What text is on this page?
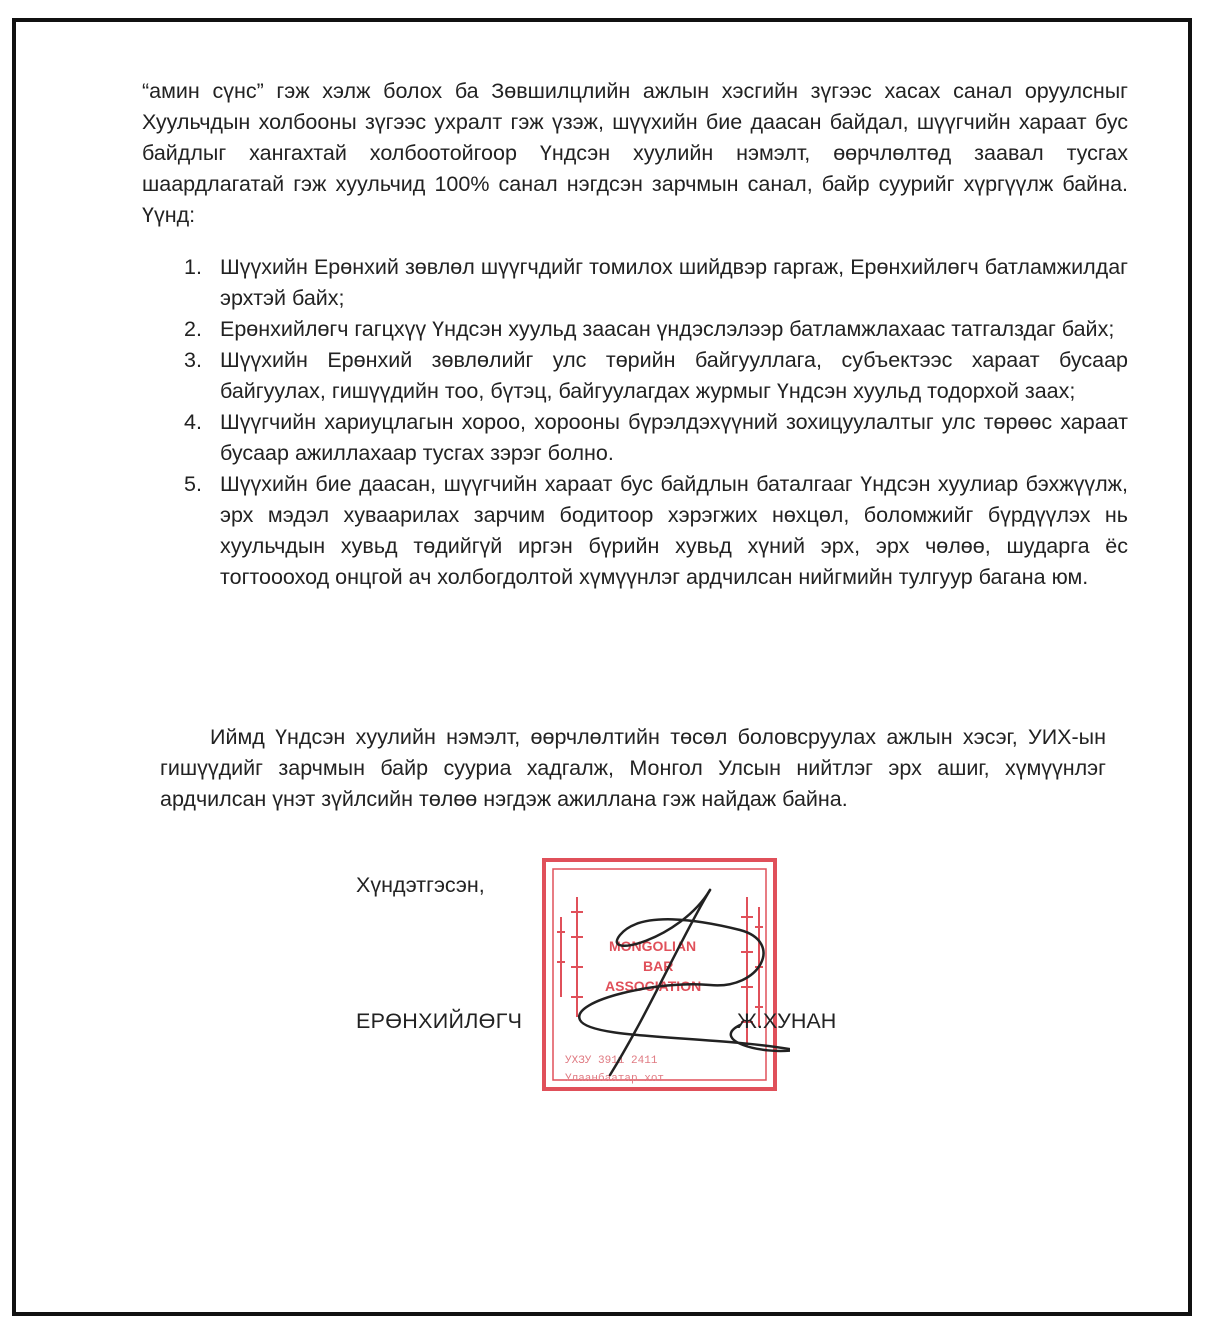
“амин сүнс” гэж хэлж болох ба Зөвшилцлийн ажлын хэсгийн зүгээс хасах санал оруулсныг Хуульчдын холбооны зүгээс ухралт гэж үзэж, шүүхийн бие даасан байдал, шүүгчийн хараат бус байдлыг хангахтай холбоотойгоор Үндсэн хуулийн нэмэлт, өөрчлөлтөд заавал тусгах шаардлагатай гэж хуульчид 100% санал нэгдсэн зарчмын санал, байр суурийг хүргүүлж байна. Үүнд:

1. Шүүхийн Ерөнхий зөвлөл шүүгчдийг томилох шийдвэр гаргаж, Ерөнхийлөгч батламжилдаг эрхтэй байх;
2. Ерөнхийлөгч гагцхүү Үндсэн хуульд заасан үндэслэлээр батламжлахаас татгалздаг байх;
3. Шүүхийн Ерөнхий зөвлөлийг улс төрийн байгууллага, субъектээс хараат бусаар байгуулах, гишүүдийн тоо, бүтэц, байгуулагдах журмыг Үндсэн хуульд тодорхой заах;
4. Шүүгчийн хариуцлагын хороо, хорооны бүрэлдэхүүний зохицуулалтыг улс төрөөс хараат бусаар ажиллахаар тусгах зэрэг болно.
5. Шүүхийн бие даасан, шүүгчийн хараат бус байдлын баталгааг Үндсэн хуулиар бэхжүүлж, эрх мэдэл хуваарилах зарчим бодитоор хэрэгжих нөхцөл, боломжийг бүрдүүлэх нь хуульчдын хувьд төдийгүй иргэн бүрийн хувьд хүний эрх, эрх чөлөө, шударга ёс тогтоооход онцгой ач холбогдолтой хүмүүнлэг ардчилсан нийгмийн тулгуур багана юм.

Иймд Үндсэн хуулийн нэмэлт, өөрчлөлтийн төсөл боловсруулах ажлын хэсэг, УИХ-ын гишүүдийг зарчмын байр сууриа хадгалж, Монгол Улсын нийтлэг эрх ашиг, хүмүүнлэг ардчилсан үнэт зүйлсийн төлөө нэгдэж ажиллана гэж найдаж байна.

Хүндэтгэсэн,
MONGOLIAN
BAR
ASSOCIATION
УХЗУ 3911 2411
Улаанбаатар хот
ЕРӨНХИЙЛӨГЧ	Ж.ХУНАН
